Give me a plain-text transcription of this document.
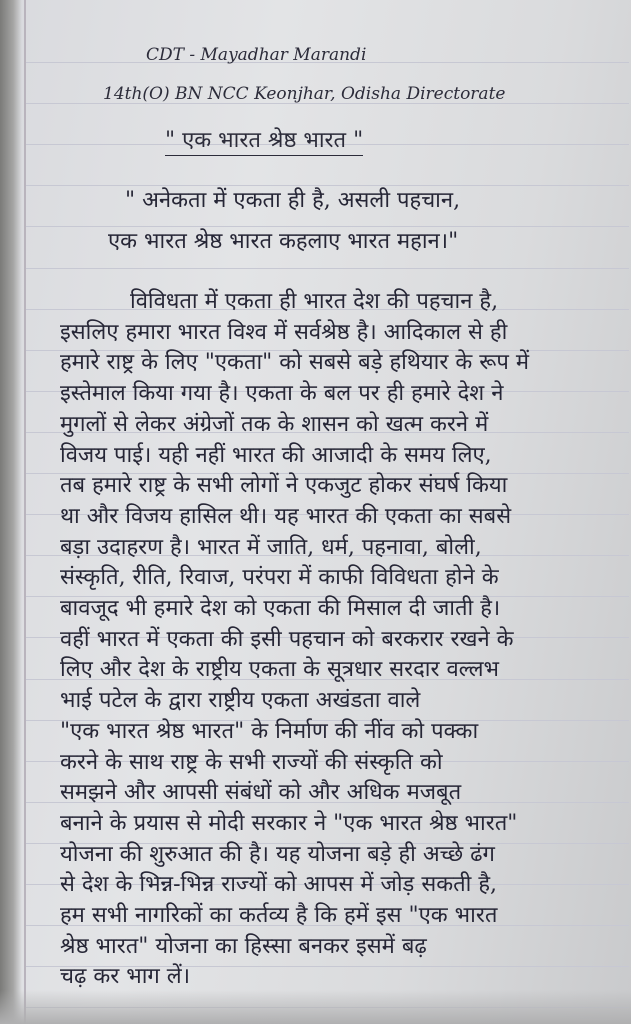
CDT - Mayadhar Marandi

14th(O) BN NCC Keonjhar, Odisha Directorate

" एक भारत श्रेष्ठ भारत "

" अनेकता में एकता ही है, असली पहचान,

एक भारत श्रेष्ठ भारत कहलाए भारत महान।"

विविधता में एकता ही भारत देश की पहचान है,

इसलिए हमारा भारत विश्व में सर्वश्रेष्ठ है। आदिकाल से ही

हमारे राष्ट्र के लिए "एकता" को सबसे बड़े हथियार के रूप में

इस्तेमाल किया गया है। एकता के बल पर ही हमारे देश ने

मुगलों से लेकर अंग्रेजों तक के शासन को खत्म करने में

विजय पाई। यही नहीं भारत की आजादी के समय लिए,

तब हमारे राष्ट्र के सभी लोगों ने एकजुट होकर संघर्ष किया

था और विजय हासिल थी। यह भारत की एकता का सबसे

बड़ा उदाहरण है। भारत में जाति, धर्म, पहनावा, बोली,

संस्कृति, रीति, रिवाज, परंपरा में काफी विविधता होने के

बावजूद भी हमारे देश को एकता की मिसाल दी जाती है।

वहीं भारत में एकता की इसी पहचान को बरकरार रखने के

लिए और देश के राष्ट्रीय एकता के सूत्रधार सरदार वल्लभ

भाई पटेल के द्वारा राष्ट्रीय एकता अखंडता वाले

"एक भारत श्रेष्ठ भारत" के निर्माण की नींव को पक्का

करने के साथ राष्ट्र के सभी राज्यों की संस्कृति को

समझने और आपसी संबंधों को और अधिक मजबूत

बनाने के प्रयास से मोदी सरकार ने "एक भारत श्रेष्ठ भारत"

योजना की शुरुआत की है। यह योजना बड़े ही अच्छे ढंग

से देश के भिन्न-भिन्न राज्यों को आपस में जोड़ सकती है,

हम सभी नागरिकों का कर्तव्य है कि हमें इस "एक भारत

श्रेष्ठ भारत" योजना का हिस्सा बनकर इसमें बढ़

चढ़ कर भाग लें।
